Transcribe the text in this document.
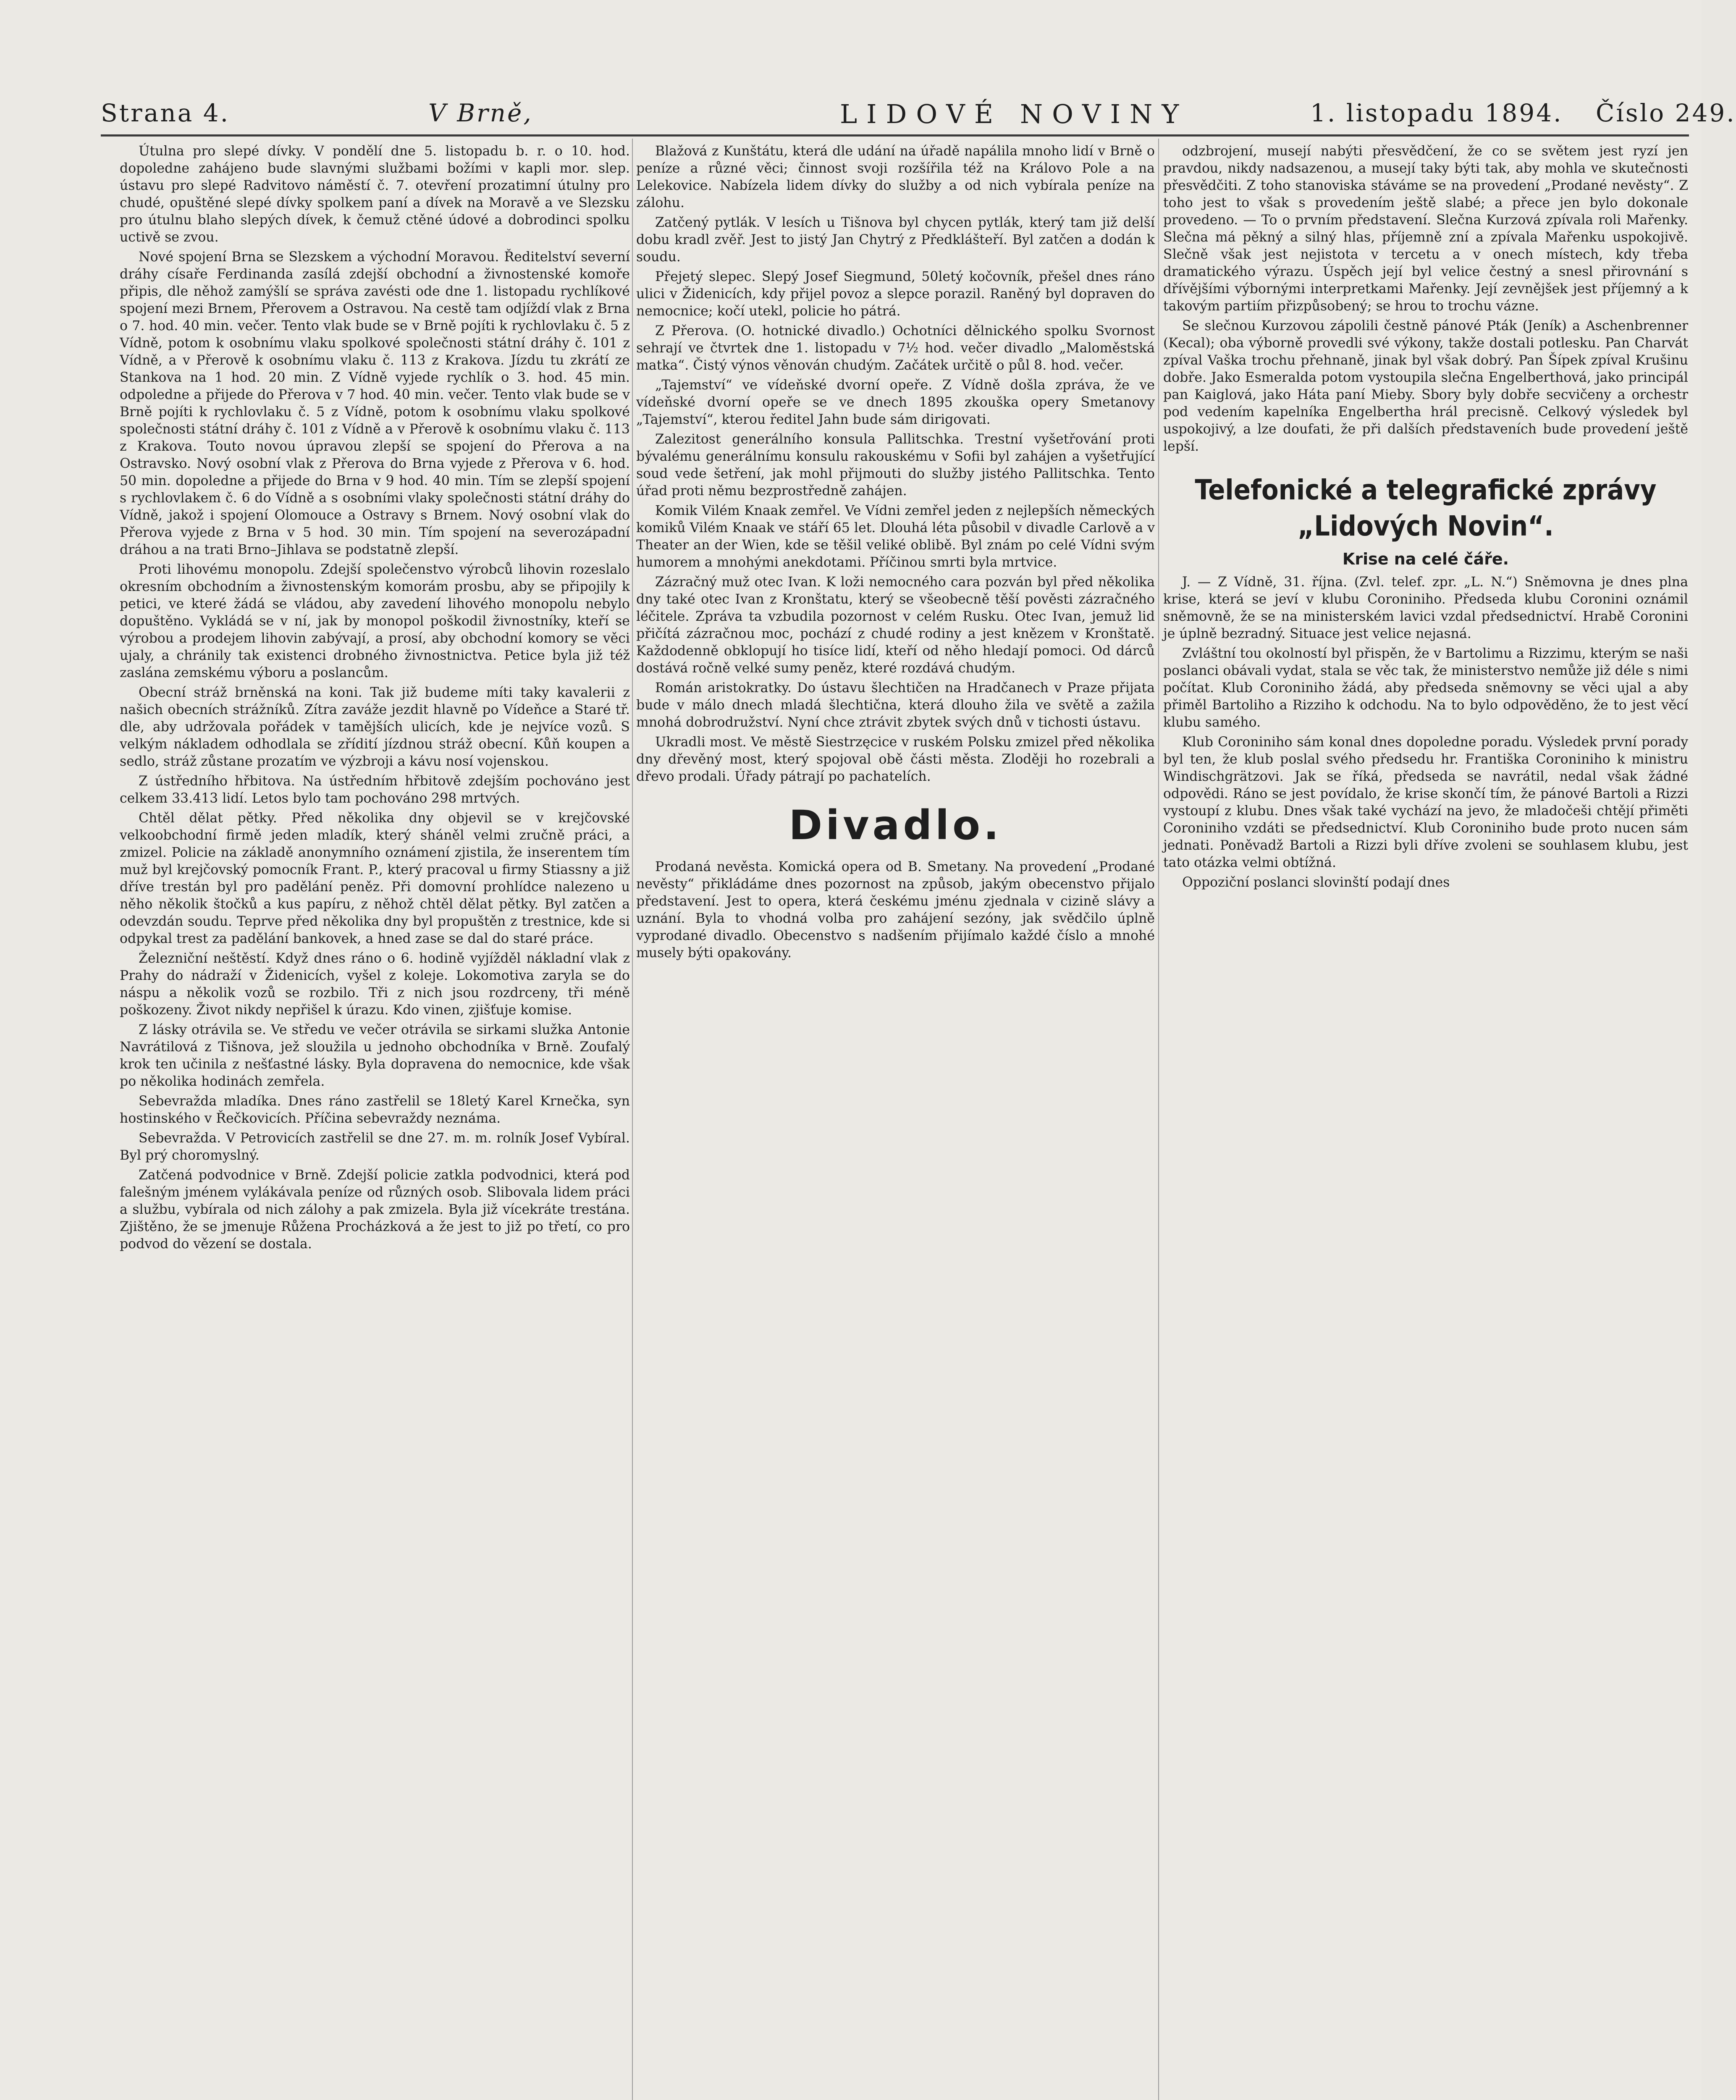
Strana 4.	V Brně,	LIDOVÉ NOVINY	1. listopadu 1894. Číslo 249.

Útulna pro slepé dívky. V pondělí dne 5. listopadu b. r. o 10. hod. dopoledne zahájeno bude slavnými službami božími v kapli mor. slep. ústavu pro slepé Radvitovo náměstí č. 7. otevření prozatimní útulny pro chudé, opuštěné slepé dívky spolkem paní a dívek na Moravě a ve Slezsku pro útulnu blaho slepých dívek, k čemuž ctěné údové a dobrodinci spolku uctivě se zvou.

Nové spojení Brna se Slezskem a východní Moravou. Ředitelství severní dráhy císaře Ferdinanda zasílá zdejší obchodní a živnostenské komoře připis, dle něhož zamýšlí se správa zavésti ode dne 1. listopadu rychlíkové spojení mezi Brnem, Přerovem a Ostravou. Na cestě tam odjíždí vlak z Brna o 7. hod. 40 min. večer. Tento vlak bude se v Brně pojíti k rychlovlaku č. 5 z Vídně, potom k osobnímu vlaku spolkové společnosti státní dráhy č. 101 z Vídně, a v Přerově k osobnímu vlaku č. 113 z Krakova. Jízdu tu zkrátí ze Stankova na 1 hod. 20 min. Z Vídně vyjede rychlík o 3. hod. 45 min. odpoledne a přijede do Přerova v 7 hod. 40 min. večer. Tento vlak bude se v Brně pojíti k rychlovlaku č. 5 z Vídně, potom k osobnímu vlaku spolkové společnosti státní dráhy č. 101 z Vídně a v Přerově k osobnímu vlaku č. 113 z Krakova. Touto novou úpravou zlepší se spojení do Přerova a na Ostravsko. Nový osobní vlak z Přerova do Brna vyjede z Přerova v 6. hod. 50 min. dopoledne a přijede do Brna v 9 hod. 40 min. Tím se zlepší spojení s rychlovlakem č. 6 do Vídně a s osobními vlaky společnosti státní dráhy do Vídně, jakož i spojení Olomouce a Ostravy s Brnem. Nový osobní vlak do Přerova vyjede z Brna v 5 hod. 30 min. Tím spojení na severozápadní dráhou a na trati Brno–Jihlava se podstatně zlepší.

Proti lihovému monopolu. Zdejší společenstvo výrobců lihovin rozeslalo okresním obchodním a živnostenským komorám prosbu, aby se připojily k petici, ve které žádá se vládou, aby zavedení lihového monopolu nebylo dopuštěno. Vykládá se v ní, jak by monopol poškodil živnostníky, kteří se výrobou a prodejem lihovin zabývají, a prosí, aby obchodní komory se věci ujaly, a chránily tak existenci drobného živnostnictva. Petice byla již též zaslána zemskému výboru a poslancům.

Obecní stráž brněnská na koni. Tak již budeme míti taky kavalerii z našich obecních strážníků. Zítra zaváže jezdit hlavně po Vídeňce a Staré tř. dle, aby udržovala pořádek v tamějších ulicích, kde je nejvíce vozů. S velkým nákladem odhodlala se zřídití jízdnou stráž obecní. Kůň koupen a sedlo, stráž zůstane prozatím ve výzbroji a kávu nosí vojenskou.

Z ústředního hřbitova. Na ústředním hřbitově zdejším pochováno jest celkem 33.413 lidí. Letos bylo tam pochováno 298 mrtvých.

Chtěl dělat pětky. Před několika dny objevil se v krejčovské velkoobchodní firmě jeden mladík, který sháněl velmi zručně práci, a zmizel. Policie na základě anonymního oznámení zjistila, že inserentem tím muž byl krejčovský pomocník Frant. P., který pracoval u firmy Stiassny a již dříve trestán byl pro padělání peněz. Při domovní prohlídce nalezeno u něho několik štočků a kus papíru, z něhož chtěl dělat pětky. Byl zatčen a odevzdán soudu. Teprve před několika dny byl propuštěn z trestnice, kde si odpykal trest za padělání bankovek, a hned zase se dal do staré práce.

Železniční neštěstí. Když dnes ráno o 6. hodině vyjížděl nákladní vlak z Prahy do nádraží v Židenicích, vyšel z koleje. Lokomotiva zaryla se do náspu a několik vozů se rozbilo. Tři z nich jsou rozdrceny, tři méně poškozeny. Život nikdy nepřišel k úrazu. Kdo vinen, zjišťuje komise.

Z lásky otrávila se. Ve středu ve večer otrávila se sirkami služka Antonie Navrátilová z Tišnova, jež sloužila u jednoho obchodníka v Brně. Zoufalý krok ten učinila z nešťastné lásky. Byla dopravena do nemocnice, kde však po několika hodinách zemřela.

Sebevražda mladíka. Dnes ráno zastřelil se 18letý Karel Krnečka, syn hostinského v Řečkovicích. Příčina sebevraždy neznáma.

Sebevražda. V Petrovicích zastřelil se dne 27. m. m. rolník Josef Vybíral. Byl prý choromyslný.

Zatčená podvodnice v Brně. Zdejší policie zatkla podvodnici, která pod falešným jménem vylákávala peníze od různých osob. Slibovala lidem práci a službu, vybírala od nich zálohy a pak zmizela. Byla již vícekráte trestána. Zjištěno, že se jmenuje Růžena Procházková a že jest to již po třetí, co pro podvod do vězení se dostala.

Blažová z Kunštátu, která dle udání na úřadě napálila mnoho lidí v Brně o peníze a různé věci; činnost svoji rozšířila též na Královo Pole a na Lelekovice. Nabízela lidem dívky do služby a od nich vybírala peníze na zálohu.

Zatčený pytlák. V lesích u Tišnova byl chycen pytlák, který tam již delší dobu kradl zvěř. Jest to jistý Jan Chytrý z Předklášteří. Byl zatčen a dodán k soudu.

Přejetý slepec. Slepý Josef Siegmund, 50letý kočovník, přešel dnes ráno ulici v Židenicích, kdy přijel povoz a slepce porazil. Raněný byl dopraven do nemocnice; kočí utekl, policie ho pátrá.

Z Přerova. (O. hotnické divadlo.) Ochotníci dělnického spolku Svornost sehrají ve čtvrtek dne 1. listopadu v 7½ hod. večer divadlo „Maloměstská matka“. Čistý výnos věnován chudým. Začátek určitě o půl 8. hod. večer.

„Tajemství“ ve vídeňské dvorní opeře. Z Vídně došla zpráva, že ve vídeňské dvorní opeře se ve dnech 1895 zkouška opery Smetanovy „Tajemství“, kterou ředitel Jahn bude sám dirigovati.

Zalezitost generálního konsula Pallitschka. Trestní vyšetřování proti bývalému generálnímu konsulu rakouskému v Sofii byl zahájen a vyšetřující soud vede šetření, jak mohl přijmouti do služby jistého Pallitschka. Tento úřad proti němu bezprostředně zahájen.

Komik Vilém Knaak zemřel. Ve Vídni zemřel jeden z nejlepších německých komiků Vilém Knaak ve stáří 65 let. Dlouhá léta působil v divadle Carlově a v Theater an der Wien, kde se těšil veliké oblibě. Byl znám po celé Vídni svým humorem a mnohými anekdotami. Příčinou smrti byla mrtvice.

Zázračný muž otec Ivan. K loži nemocného cara pozván byl před několika dny také otec Ivan z Kronštatu, který se všeobecně těší pověsti zázračného léčitele. Zpráva ta vzbudila pozornost v celém Rusku. Otec Ivan, jemuž lid přičítá zázračnou moc, pochází z chudé rodiny a jest knězem v Kronštatě. Každodenně obklopují ho tisíce lidí, kteří od něho hledají pomoci. Od dárců dostává ročně velké sumy peněz, které rozdává chudým.

Román aristokratky. Do ústavu šlechtičen na Hradčanech v Praze přijata bude v málo dnech mladá šlechtična, která dlouho žila ve světě a zažila mnohá dobrodružství. Nyní chce ztrávit zbytek svých dnů v tichosti ústavu.

Ukradli most. Ve městě Siestrzęcice v ruském Polsku zmizel před několika dny dřevěný most, který spojoval obě části města. Zloději ho rozebrali a dřevo prodali. Úřady pátrají po pachatelích.

Divadlo.

Prodaná nevěsta. Komická opera od B. Smetany. Na provedení „Prodané nevěsty“ přikládáme dnes pozornost na způsob, jakým obecenstvo přijalo představení. Jest to opera, která českému jménu zjednala v cizině slávy a uznání. Byla to vhodná volba pro zahájení sezóny, jak svědčilo úplně vyprodané divadlo. Obecenstvo s nadšením přijímalo každé číslo a mnohé musely býti opakovány.

odzbrojení, musejí nabýti přesvědčení, že co se světem jest ryzí jen pravdou, nikdy nadsazenou, a musejí taky býti tak, aby mohla ve skutečnosti přesvědčiti. Z toho stanoviska stáváme se na provedení „Prodané nevěsty“. Z toho jest to však s provedením ještě slabé; a přece jen bylo dokonale provedeno. — To o prvním představení. Slečna Kurzová zpívala roli Mařenky. Slečna má pěkný a silný hlas, příjemně zní a zpívala Mařenku uspokojivě. Slečně však jest nejistota v tercetu a v onech místech, kdy třeba dramatického výrazu. Úspěch její byl velice čestný a snesl přirovnání s dřívějšími výbornými interpretkami Mařenky. Její zevnějšek jest příjemný a k takovým partiím přizpůsobený; se hrou to trochu vázne.

Se slečnou Kurzovou zápolili čestně pánové Pták (Jeník) a Aschenbrenner (Kecal); oba výborně provedli své výkony, takže dostali potlesku. Pan Charvát zpíval Vaška trochu přehnaně, jinak byl však dobrý. Pan Šípek zpíval Krušinu dobře. Jako Esmeralda potom vystoupila slečna Engelberthová, jako principál pan Kaiglová, jako Háta paní Mieby. Sbory byly dobře secvičeny a orchestr pod vedením kapelníka Engelbertha hrál precisně. Celkový výsledek byl uspokojivý, a lze doufati, že při dalších představeních bude provedení ještě lepší.

Telefonické a telegrafické zprávy „Lidových Novin“.
Krise na celé čáře.

J. — Z Vídně, 31. října. (Zvl. telef. zpr. „L. N.“) Sněmovna je dnes plna krise, která se jeví v klubu Coroniniho. Předseda klubu Coronini oznámil sněmovně, že se na ministerském lavici vzdal předsednictví. Hrabě Coronini je úplně bezradný. Situace jest velice nejasná.

Zvláštní tou okolností byl přispěn, že v Bartolimu a Rizzimu, kterým se naši poslanci obávali vydat, stala se věc tak, že ministerstvo nemůže již déle s nimi počítat. Klub Coroniniho žádá, aby předseda sněmovny se věci ujal a aby přiměl Bartoliho a Rizziho k odchodu. Na to bylo odpověděno, že to jest věcí klubu samého.

Klub Coroniniho sám konal dnes dopoledne poradu. Výsledek první porady byl ten, že klub poslal svého předsedu hr. Františka Coroniniho k ministru Windischgrätzovi. Jak se říká, předseda se navrátil, nedal však žádné odpovědi. Ráno se jest povídalo, že krise skončí tím, že pánové Bartoli a Rizzi vystoupí z klubu. Dnes však také vychází na jevo, že mladočeši chtějí přiměti Coroniniho vzdáti se předsednictví. Klub Coroniniho bude proto nucen sám jednati. Poněvadž Bartoli a Rizzi byli dříve zvoleni se souhlasem klubu, jest tato otázka velmi obtížná.

Oppoziční poslanci slovinští podají dnes
